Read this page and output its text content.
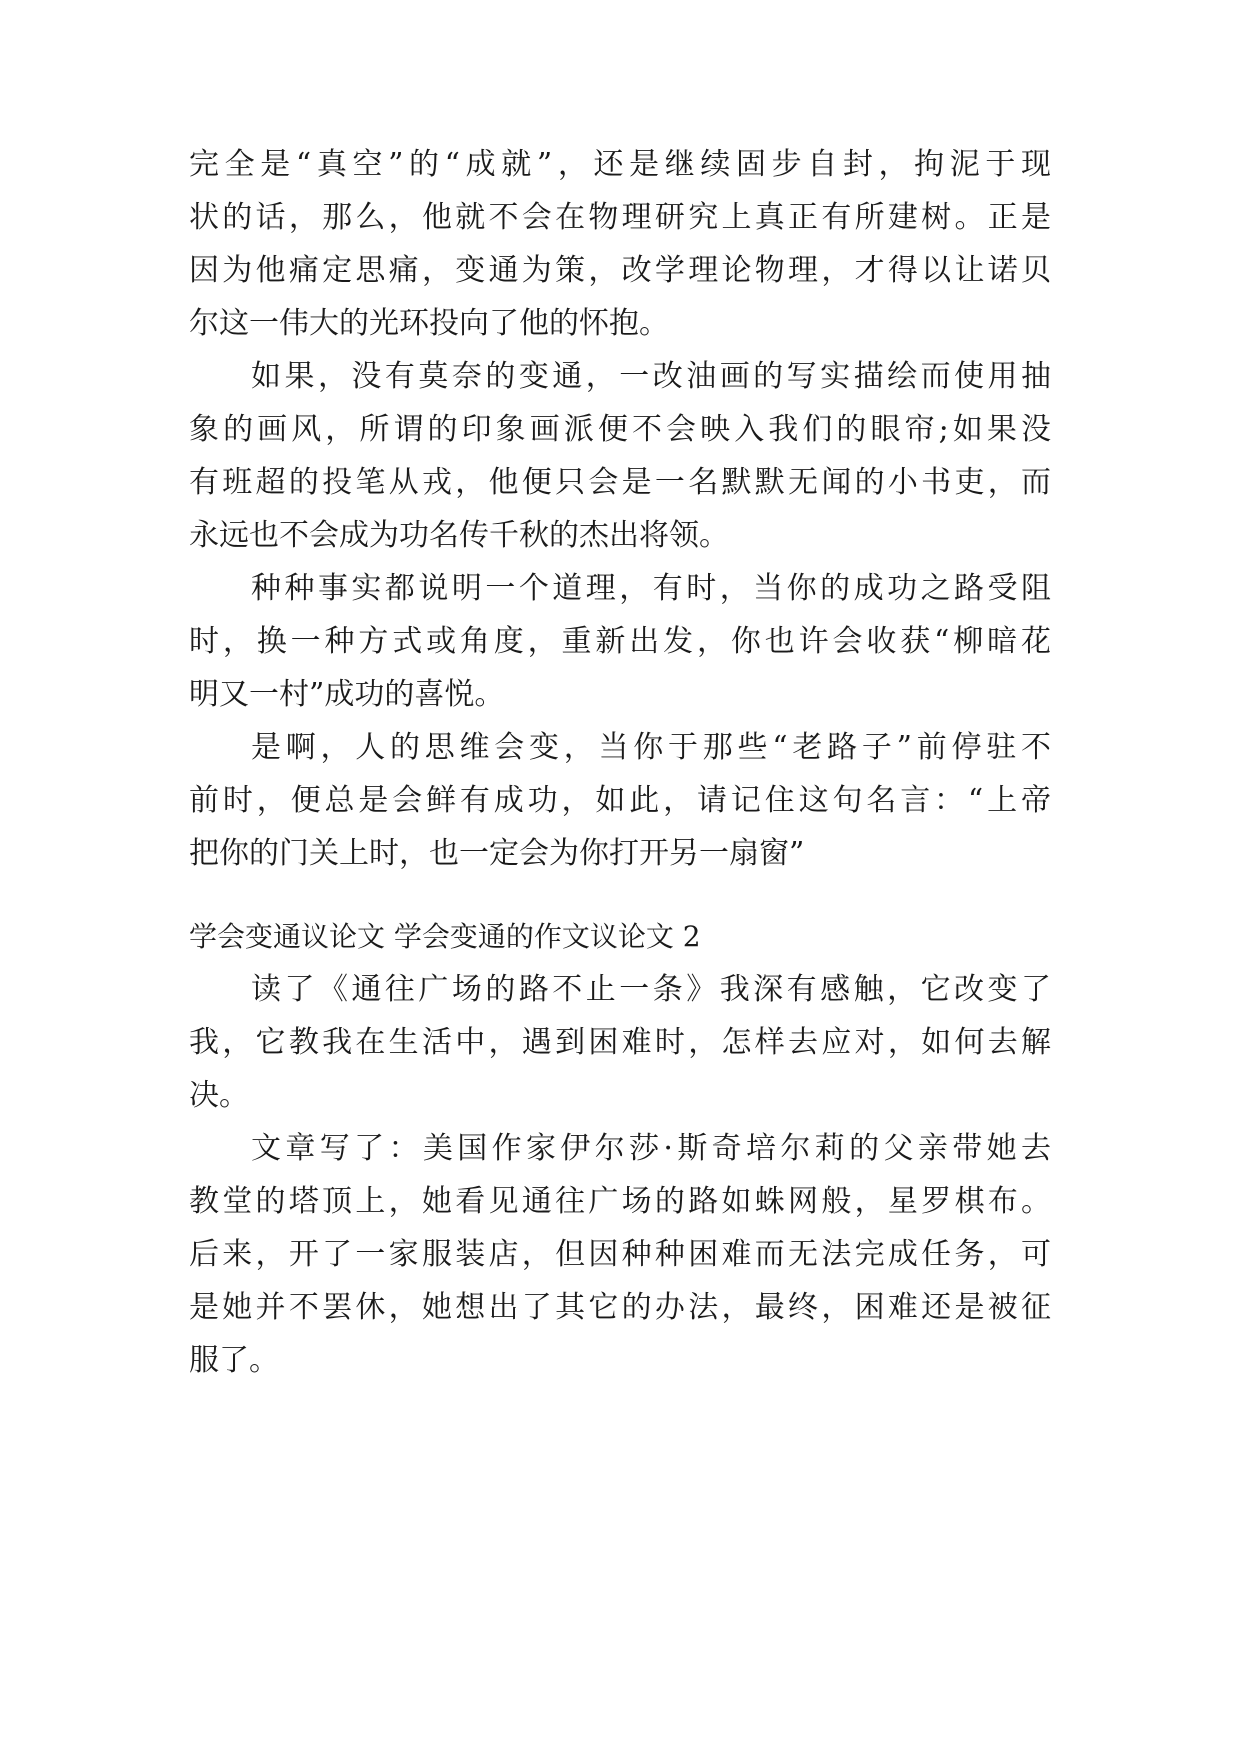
完全是“真空”的“成就”，还是继续固步自封，拘泥于现
状的话，那么，他就不会在物理研究上真正有所建树。正是
因为他痛定思痛，变通为策，改学理论物理，才得以让诺贝
尔这一伟大的光环投向了他的怀抱。
如果，没有莫奈的变通，一改油画的写实描绘而使用抽
象的画风，所谓的印象画派便不会映入我们的眼帘;如果没
有班超的投笔从戎，他便只会是一名默默无闻的小书吏，而
永远也不会成为功名传千秋的杰出将领。
种种事实都说明一个道理，有时，当你的成功之路受阻
时，换一种方式或角度，重新出发，你也许会收获“柳暗花
明又一村”成功的喜悦。
是啊，人的思维会变，当你于那些“老路子”前停驻不
前时，便总是会鲜有成功，如此，请记住这句名言：“上帝
把你的门关上时，也一定会为你打开另一扇窗”
学会变通议论文 学会变通的作文议论文 2
读了《通往广场的路不止一条》我深有感触，它改变了
我，它教我在生活中，遇到困难时，怎样去应对，如何去解
决。
文章写了：美国作家伊尔莎·斯奇培尔莉的父亲带她去
教堂的塔顶上，她看见通往广场的路如蛛网般，星罗棋布。
后来，开了一家服装店，但因种种困难而无法完成任务，可
是她并不罢休，她想出了其它的办法，最终，困难还是被征
服了。
